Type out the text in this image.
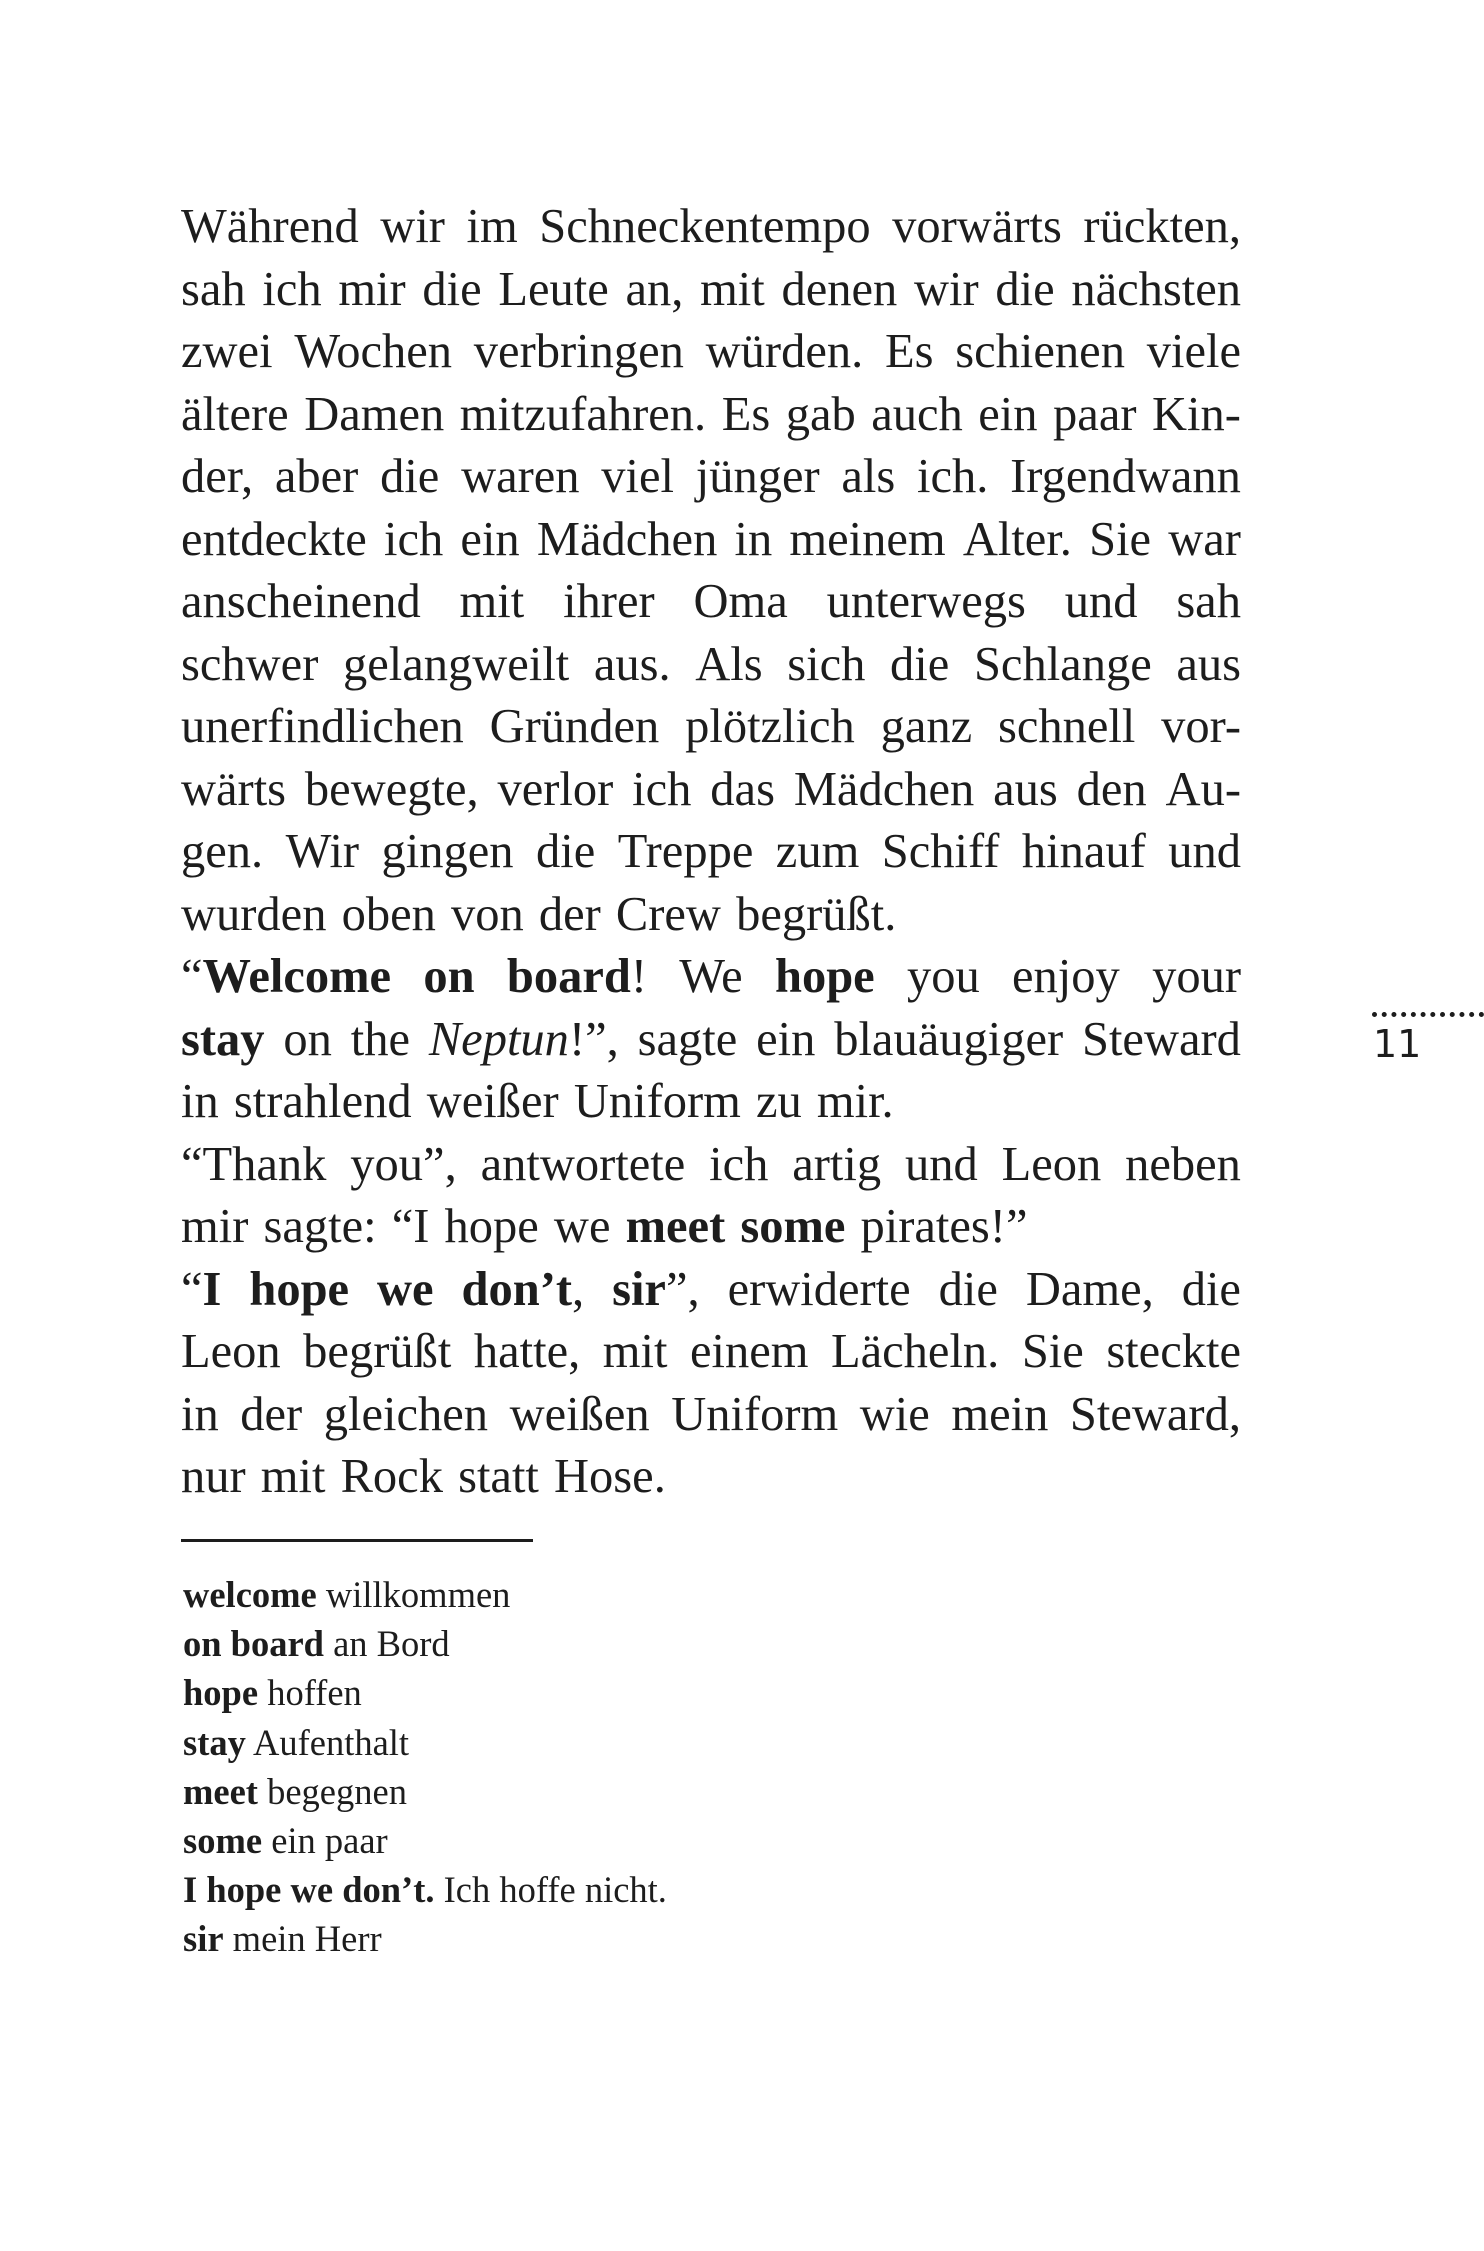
Während wir im Schneckentempo vorwärts rückten,
sah ich mir die Leute an, mit denen wir die nächsten
zwei Wochen verbringen würden. Es schienen viele
ältere Damen mitzufahren. Es gab auch ein paar Kin-
der, aber die waren viel jünger als ich. Irgendwann
entdeckte ich ein Mädchen in meinem Alter. Sie war
anscheinend mit ihrer Oma unterwegs und sah
schwer gelangweilt aus. Als sich die Schlange aus
unerfindlichen Gründen plötzlich ganz schnell vor-
wärts bewegte, verlor ich das Mädchen aus den Au-
gen. Wir gingen die Treppe zum Schiff hinauf und
wurden oben von der Crew begrüßt.
“Welcome on board! We hope you enjoy your
stay on the Neptun!”, sagte ein blauäugiger Steward
in strahlend weißer Uniform zu mir.
“Thank you”, antwortete ich artig und Leon neben
mir sagte: “I hope we meet some pirates!”
“I hope we don’t, sir”, erwiderte die Dame, die
Leon begrüßt hatte, mit einem Lächeln. Sie steckte
in der gleichen weißen Uniform wie mein Steward,
nur mit Rock statt Hose.
11
welcome willkommen
on board an Bord
hope hoffen
stay Aufenthalt
meet begegnen
some ein paar
I hope we don’t. Ich hoffe nicht.
sir mein Herr
